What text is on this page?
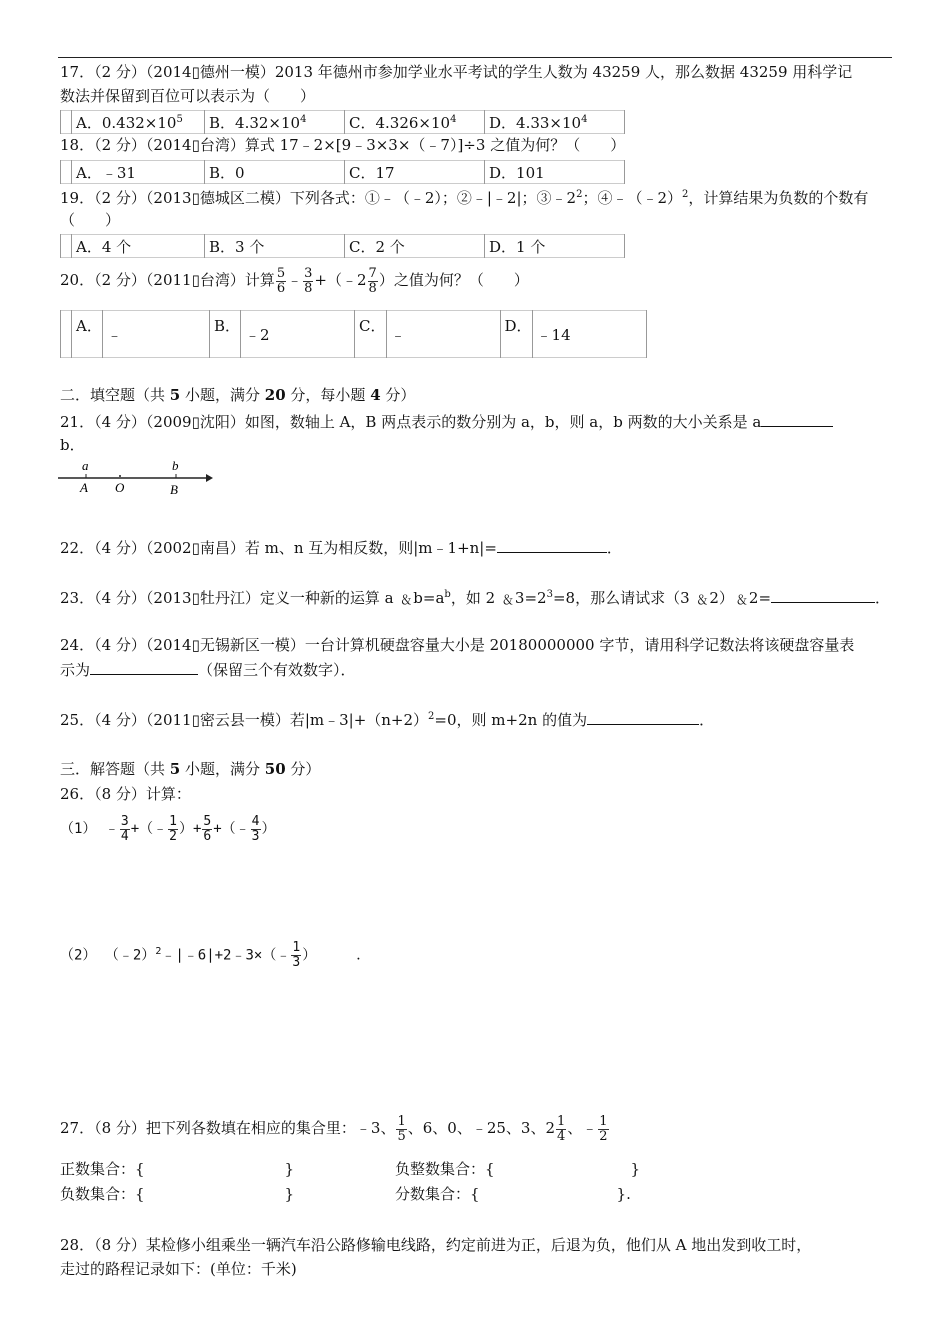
17．（2 分）（2014▯德州一模）2013 年德州市参加学业水平考试的学生人数为 43259 人，那么数据 43259 用科学记
数法并保留到百位可以表示为（　　）
	A．$0.432\times 10^5$	B．$4.32\times 10^4$	C．$4.326\times 10^4$	D．$4.33\times 10^4$
18．（2 分）（2014▯台湾）算式 17﹣2×[9﹣3×3×（﹣7）]÷3 之值为何？（　　）
	A．﹣31	B．0	C．17	D．101
19．（2 分）（2013▯德城区二模）下列各式：①﹣（﹣2）；②﹣|﹣2|；$③﹣2^2$；④﹣（﹣2）$^2$，计算结果为负数的个数有
（　　）
	A．4 个	B．3 个	C．2 个	D．1 个
20．（2 分）（2011▯台湾）计算 $\frac{5}{6}$ ﹣ $\frac{3}{8}$ +（﹣2 $\frac{7}{8}$ ）之值为何？（　　）
	A．	﹣	B．	﹣2	C．	﹣	D．	﹣14
二．填空题（共 5 小题，满分 20 分，每小题 4 分）
21．（4 分）（2009▯沈阳）如图，数轴上 A，B 两点表示的数分别为 a，b，则 a，b 两数的大小关系是 a
b．
a	b
A O	B
22．（4 分）（2002▯南昌）若 m、n 互为相反数，则|m﹣1+n|=	．
23．（4 分）（2013▯牡丹江）定义一种新的运算 a $﹠b=a^b$，如 2 $﹠3=2^3=8$，那么请试求（3 ﹠2）﹠2=	．
24．（4 分）（2014▯无锡新区一模）一台计算机硬盘容量大小是 20180000000 字节，请用科学记数法将该硬盘容量表
示为	（保留三个有效数字）．
25．（4 分）（2011▯密云县一模）若$|m﹣3|+(n+2)^2=0$，则 m+2n 的值为	．
三．解答题（共 5 小题，满分 50 分）
26．（8 分）计算：
（1） ﹣ $\frac{3}{4}$ +（﹣ $\frac{1}{2}$ ）+ $\frac{5}{6}$ +（﹣ $\frac{4}{3}$ ）
（2） （﹣2）$^2$﹣|﹣6|+2﹣3×（﹣ $\frac{1}{3}$ ）	．
27．（8 分）把下列各数填在相应的集合里：﹣3、 $\frac{1}{5}$ 、6、0、﹣25、3、$2 \frac{1}{4}$ 、﹣ $\frac{1}{2}$
正数集合：{	}	负整数集合：{	}
负数集合：{	}	分数集合：{	}.
28．（8 分）某检修小组乘坐一辆汽车沿公路修输电线路，约定前进为正，后退为负，他们从 A 地出发到收工时，
走过的路程记录如下：(单位：千米)
